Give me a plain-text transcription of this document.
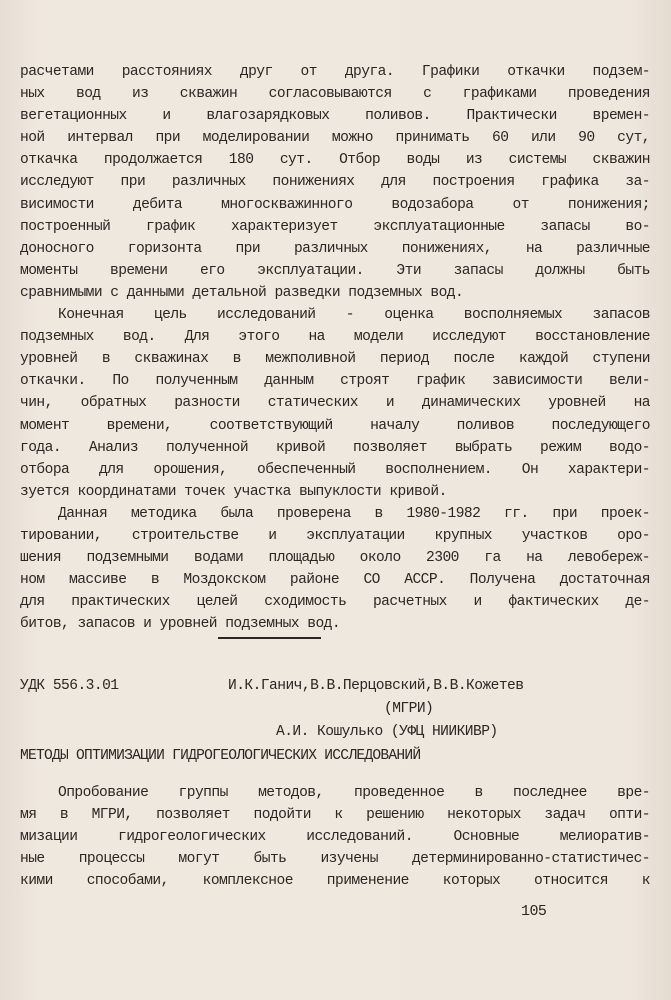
расчетами расстояниях друг от друга. Графики откачки подзем-
ных вод из скважин согласовываются с графиками проведения
вегетационных и влагозарядковых поливов. Практически времен-
ной интервал при моделировании можно принимать 60 или 90 сут,
откачка продолжается 180 сут. Отбор воды из системы скважин
исследуют при различных понижениях для построения графика за-
висимости дебита многоскважинного водозабора от понижения;
построенный график характеризует эксплуатационные запасы во-
доносного горизонта при различных понижениях, на различные
моменты времени его эксплуатации. Эти запасы должны быть
сравнимыми с данными детальной разведки подземных вод.
Конечная цель исследований - оценка восполняемых запасов
подземных вод. Для этого на модели исследуют восстановление
уровней в скважинах в межполивной период после каждой ступени
откачки. По полученным данным строят график зависимости вели-
чин, обратных разности статических и динамических уровней на
момент времени, соответствующий началу поливов последующего
года. Анализ полученной кривой позволяет выбрать режим водо-
отбора для орошения, обеспеченный восполнением. Он характери-
зуется координатами точек участка выпуклости кривой.
Данная методика была проверена в 1980-1982 гг. при проек-
тировании, строительстве и эксплуатации крупных участков оро-
шения подземными водами площадью около 2300 га на левобереж-
ном массиве в Моздокском районе СО АССР. Получена достаточная
для практических целей сходимость расчетных и фактических де-
битов, запасов и уровней подземных вод.
УДК 556.3.01	И.К.Ганич,В.В.Перцовский,В.В.Кожетев
(МГРИ)
А.И. Кошулько (УФЦ НИИКИВР)
МЕТОДЫ ОПТИМИЗАЦИИ ГИДРОГЕОЛОГИЧЕСКИХ ИССЛЕДОВАНИЙ
Опробование группы методов, проведенное в последнее вре-
мя в МГРИ, позволяет подойти к решению некоторых задач опти-
мизации гидрогеологических исследований. Основные мелиоратив-
ные процессы могут быть изучены детерминированно-статистичес-
кими способами, комплексное применение которых относится к
105
